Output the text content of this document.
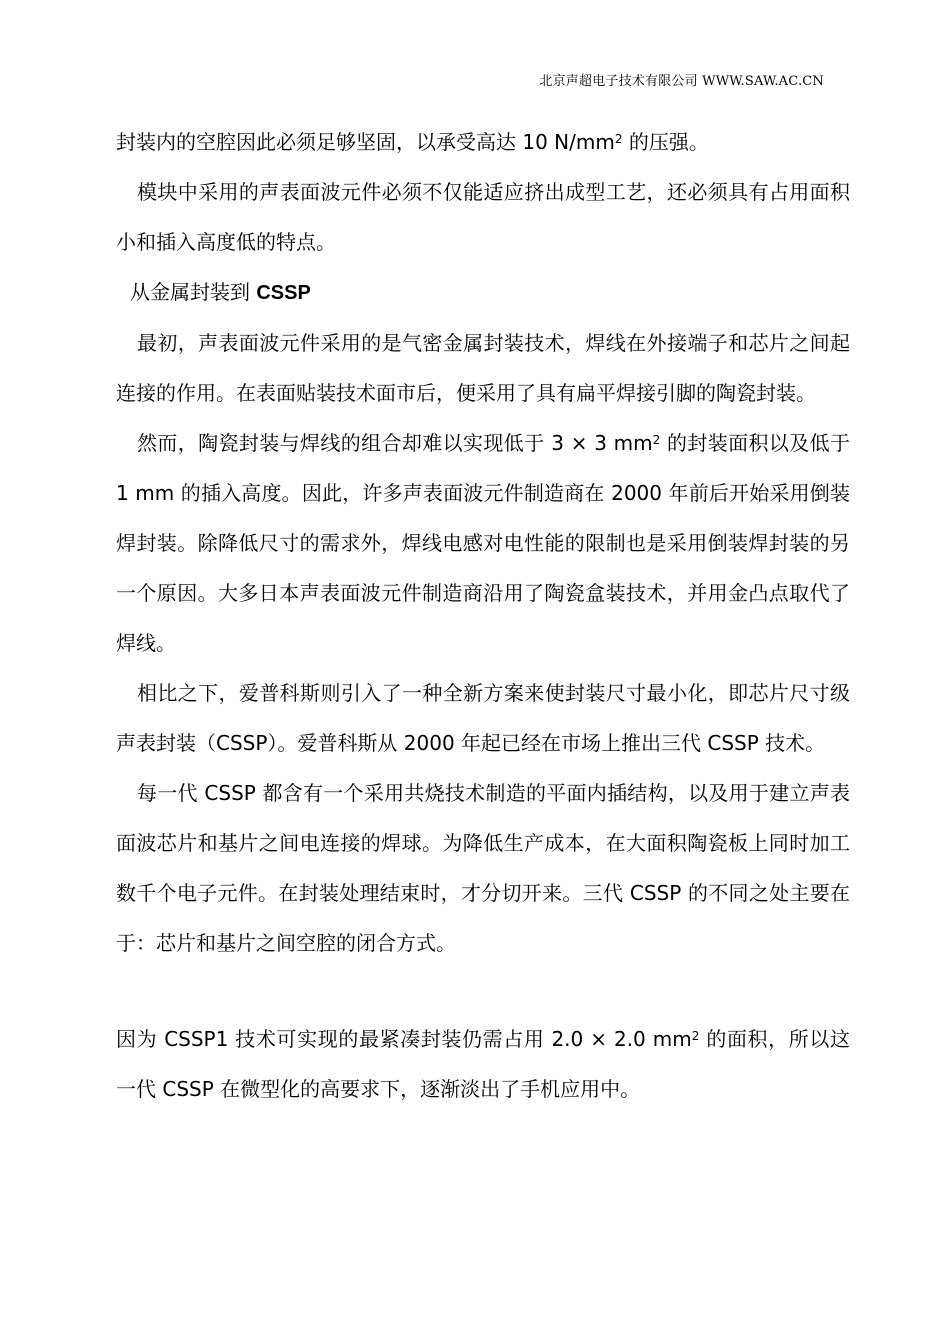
北京声超电子技术有限公司 WWW.SAW.AC.CN

封装内的空腔因此必须足够坚固，以承受高达 10 $N/mm^2$ 的压强。

模块中采用的声表面波元件必须不仅能适应挤出成型工艺，还必须具有占用面积小和插入高度低的特点。

从金属封装到 CSSP

最初，声表面波元件采用的是气密金属封装技术，焊线在外接端子和芯片之间起连接的作用。在表面贴装技术面市后，便采用了具有扁平焊接引脚的陶瓷封装。

然而，陶瓷封装与焊线的组合却难以实现低于 3 × 3 $mm^2$ 的封装面积以及低于 1 mm 的插入高度。因此，许多声表面波元件制造商在 2000 年前后开始采用倒装焊封装。除降低尺寸的需求外，焊线电感对电性能的限制也是采用倒装焊封装的另一个原因。大多日本声表面波元件制造商沿用了陶瓷盒装技术，并用金凸点取代了焊线。

相比之下，爱普科斯则引入了一种全新方案来使封装尺寸最小化，即芯片尺寸级声表封装（CSSP）。爱普科斯从 2000 年起已经在市场上推出三代 CSSP 技术。

每一代 CSSP 都含有一个采用共烧技术制造的平面内插结构，以及用于建立声表面波芯片和基片之间电连接的焊球。为降低生产成本，在大面积陶瓷板上同时加工数千个电子元件。在封装处理结束时，才分切开来。三代 CSSP 的不同之处主要在于：芯片和基片之间空腔的闭合方式。

因为 CSSP1 技术可实现的最紧凑封装仍需占用 2.0 × 2.0 $mm^2$ 的面积，所以这一代 CSSP 在微型化的高要求下，逐渐淡出了手机应用中。
